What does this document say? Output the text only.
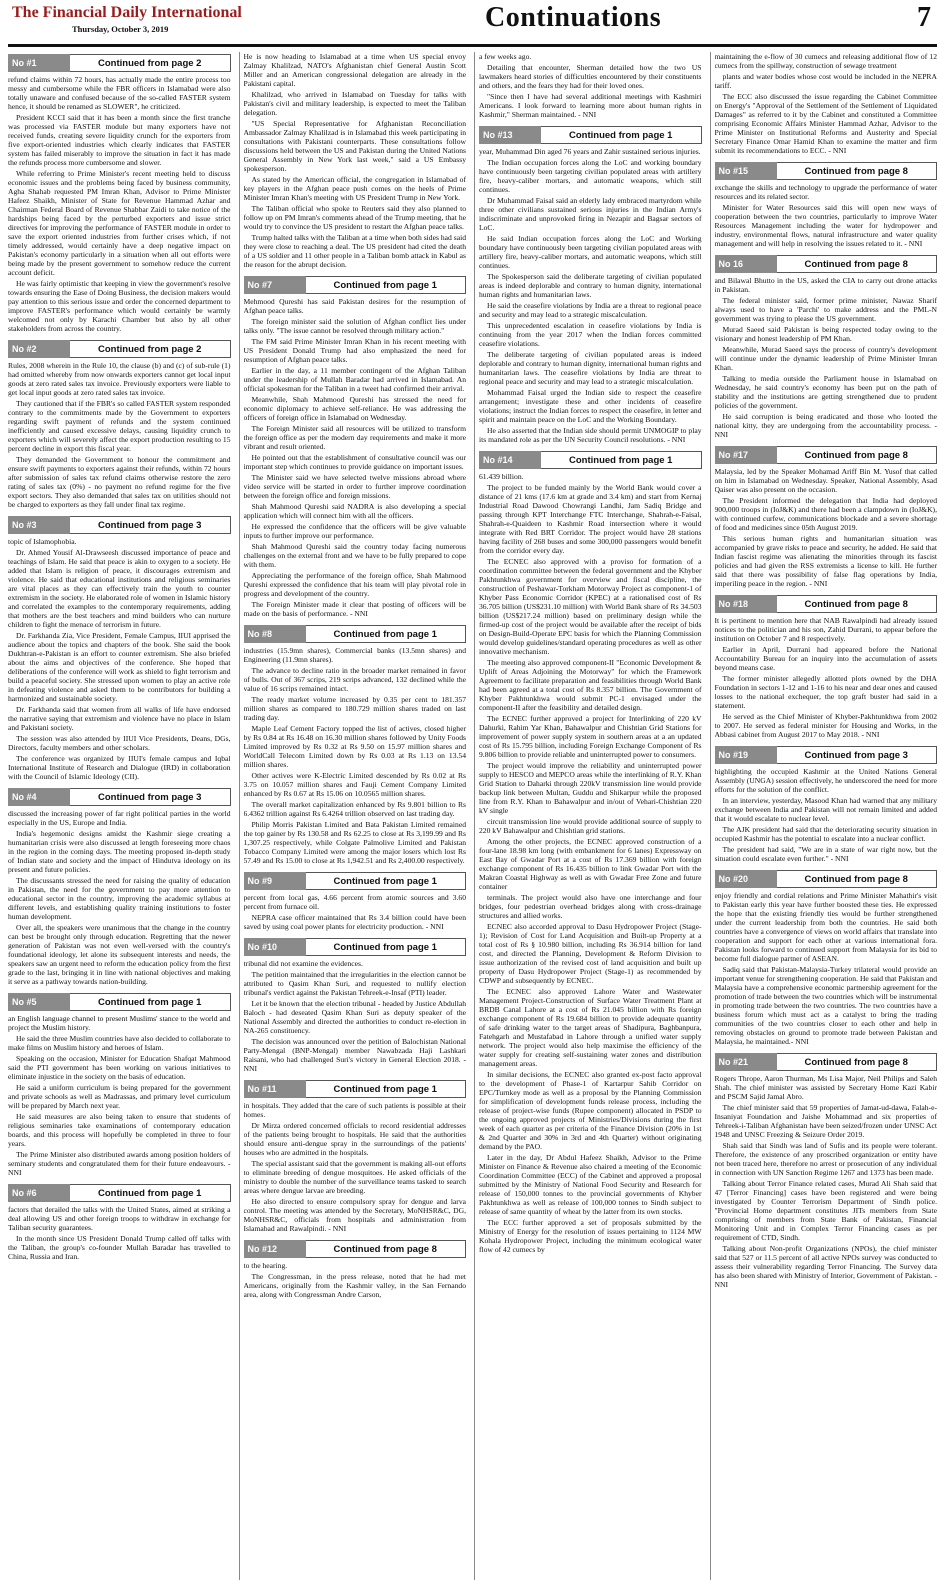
The Financial Daily International
Thursday, October 3, 2019	Continuations	7
No #1	Continued from page 2

refund claims within 72 hours, has actually made the entire process too messy and cumbersome while the FBR officers in Islamabad were also totally unaware and confused because of the so-called FASTER system hence, it should be renamed as SLOWER", he criticized.

President KCCI said that it has been a month since the first tranche was processed via FASTER module but many exporters have not received funds, creating severe liquidity crunch for the exporters from five export-oriented industries which clearly indicates that FASTER system has failed miserably to improve the situation in fact it has made the refunds process more cumbersome and slower.

While referring to Prime Minister's recent meeting held to discuss economic issues and the problems being faced by business community, Agha Shahab requested PM Imran Khan, Advisor to Prime Minister Hafeez Shaikh, Minister of State for Revenue Hammad Azhar and Chairman Federal Board of Revenue Shabbar Zaidi to take notice of the hardships being faced by the perturbed exporters and issue strict directives for improving the performance of FASTER module in order to save the export oriented industries from further crises which, if not timely addressed, would certainly have a deep negative impact on Pakistan's economy particularly in a situation when all out efforts were being made by the present government to somehow reduce the current account deficit.

He was fairly optimistic that keeping in view the government's resolve towards ensuring the Ease of Doing Business, the decision makers would pay attention to this serious issue and order the concerned department to improve FASTER's performance which would certainly be warmly welcomed not only by Karachi Chamber but also by all other stakeholders from across the country.

No #2	Continued from page 2

Rules, 2008 wherein in the Rule 10, the clause (b) and (c) of sub-rule (1) had omitted whereby from now onwards exporters cannot get local input goods at zero rated sales tax invoice. Previously exporters were liable to get local input goods at zero rated sales tax invoice.

They cautioned that if the FBR's so called FASTER system responded contrary to the commitments made by the Government to exporters regarding swift payment of refunds and the system continued inefficiently and caused excessive delays, causing liquidity crunch to exporters which will severely affect the export production resulting to 15 percent decline in export this fiscal year.

They demanded the Government to honour the commitment and ensure swift payments to exporters against their refunds, within 72 hours after submission of sales tax refund claims otherwise restore the zero rating of sales tax (0%) - no payment no refund regime for the five export sectors. They also demanded that sales tax on utilities should not be charged to exporters as they fall under final tax regime.

No #3	Continued from page 3

topic of Islamophobia.

Dr. Ahmed Yousif Al-Drawseesh discussed importance of peace and teachings of Islam. He said that peace is akin to oxygen to a society. He added that Islam is religion of peace, it discourages extremism and violence. He said that educational institutions and religious seminaries are vital places as they can effectively train the youth to counter extremism in the society. He elaborated role of women in Islamic history and correlated the examples to the contemporary requirements, adding that mothers are the best teachers and mind builders who can nurture children to fight the menace of terrorism in future.

Dr. Farkhanda Zia, Vice President, Female Campus, IIUI apprised the audience about the topics and chapters of the book. She said the book Dukhtran-e-Pakistan is an effort to counter extremism. She also briefed about the aims and objectives of the conference. She hoped that deliberations of the conference will work as shield to fight terrorism and build a peaceful society. She stressed upon women to play an active role in defeating violence and asked them to be contributors for building a harmonized and sustainable society.

Dr. Farkhanda said that women from all walks of life have endorsed the narrative saying that extremism and violence have no place in Islam and Pakistani society.

The session was also attended by IIUI Vice Presidents, Deans, DGs, Directors, faculty members and other scholars.

The conference was organized by IIUI's female campus and Iqbal International Institute of Research and Dialogue (IRD) in collaboration with the Council of Islamic Ideology (CII).

No #4	Continued from page 3

discussed the increasing power of far right political parties in the world especially in the US, Europe and India.

India's hegemonic designs amidst the Kashmir siege creating a humanitarian crisis were also discussed at length foreseeing more chaos in the region in the coming days. The meeting proposed in-depth study of Indian state and society and the impact of Hindutva ideology on its present and future policies.

The discussants stressed the need for raising the quality of education in Pakistan, the need for the government to pay more attention to educational sector in the country, improving the academic syllabus at different levels, and establishing quality training institutions to foster human development.

Over all, the speakers were unanimous that the change in the country can best be brought only through education. Regretting that the newer generation of Pakistan was not even well-versed with the country's foundational ideology, let alone its subsequent interests and needs, the speakers saw an urgent need to reform the education policy from the first grade to the last, bringing it in line with national objectives and making it serve as a pathway towards nation-building.

No #5	Continued from page 1

an English language channel to present Muslims' stance to the world and project the Muslim history.

He said the three Muslim countries have also decided to collaborate to make films on Muslim history and heroes of Islam.

Speaking on the occasion, Minister for Education Shafqat Mahmood said the PTI government has been working on various initiatives to eliminate injustice in the society on the basis of education.

He said a uniform curriculum is being prepared for the government and private schools as well as Madrassas, and primary level curriculum will be prepared by March next year.

He said measures are also being taken to ensure that students of religious seminaries take examinations of contemporary education boards, and this process will hopefully be completed in three to four years.

The Prime Minister also distributed awards among position holders of seminary students and congratulated them for their future endeavours. - NNI

No #6	Continued from page 1

factors that derailed the talks with the United States, aimed at striking a deal allowing US and other foreign troops to withdraw in exchange for Taliban security guarantees.

In the month since US President Donald Trump called off talks with the Taliban, the group's co-founder Mullah Baradar has travelled to China, Russia and Iran.

He is now heading to Islamabad at a time when US special envoy Zalmay Khalilzad, NATO's Afghanistan chief General Austin Scott Miller and an American congressional delegation are already in the Pakistani capital.

Khalilzad, who arrived in Islamabad on Tuesday for talks with Pakistan's civil and military leadership, is expected to meet the Taliban delegation.

"US Special Representative for Afghanistan Reconciliation Ambassador Zalmay Khalilzad is in Islamabad this week participating in consultations with Pakistani counterparts. These consultations follow discussions held between the US and Pakistan during the United Nations General Assembly in New York last week," said a US Embassy spokesperson.

As stated by the American official, the congregation in Islamabad of key players in the Afghan peace push comes on the heels of Prime Minister Imran Khan's meeting with US President Trump in New York.

The Taliban official who spoke to Reuters said they also planned to follow up on PM Imran's comments ahead of the Trump meeting, that he would try to convince the US president to restart the Afghan peace talks.

Trump halted talks with the Taliban at a time when both sides had said they were close to reaching a deal. The US president had cited the death of a US soldier and 11 other people in a Taliban bomb attack in Kabul as the reason for the abrupt decision.

No #7	Continued from page 1

Mehmood Qureshi has said Pakistan desires for the resumption of Afghan peace talks.

The foreign minister said the solution of Afghan conflict lies under talks only. "The issue cannot be resolved through military action."

The FM said Prime Minister Imran Khan in his recent meeting with US President Donald Trump had also emphasized the need for resumption of Afghan peace talks.

Earlier in the day, a 11 member contingent of the Afghan Taliban under the leadership of Mullah Baradar had arrived in Islamabad. An official spokesman for the Taliban in a tweet had confirmed their arrival.

Meanwhile, Shah Mahmood Qureshi has stressed the need for economic diplomacy to achieve self-reliance. He was addressing the officers of foreign office in Islamabad on Wednesday.

The Foreign Minister said all resources will be utilized to transform the foreign office as per the modern day requirements and make it more vibrant and result oriented.

He pointed out that the establishment of consultative council was our important step which continues to provide guidance on important issues.

The Minister said we have selected twelve missions abroad where video service will be started in order to further improve coordination between the foreign office and foreign missions.

Shah Mahmood Qureshi said NADRA is also developing a special application which will connect him with all the officers.

He expressed the confidence that the officers will be give valuable inputs to further improve our performance.

Shah Mahmood Qureshi said the country today facing numerous challenges on the external front and we have to be fully prepared to cope with them.

Appreciating the performance of the foreign office, Shah Mahmood Qureshi expressed the confidence that his team will play pivotal role in progress and development of the country.

The Foreign Minister made it clear that posting of officers will be made on the basis of performance. - NNI

No #8	Continued from page 1

industries (15.9mn shares), Commercial banks (13.5mn shares) and Engineering (11.9mn shares).

The advance to decline ratio in the broader market remained in favor of bulls. Out of 367 scrips, 219 scrips advanced, 132 declined while the value of 16 scrips remained intact.

The ready market volume increased by 0.35 per cent to 181.357 million shares as compared to 180.729 million shares traded on last trading day.

Maple Leaf Cement Factory topped the list of actives, closed higher by Rs 0.84 at Rs 16.48 on 16.30 million shares followed by Unity Foods Limited improved by Rs 0.32 at Rs 9.50 on 15.97 million shares and WorldCall Telecom Limited down by Rs 0.03 at Rs 1.13 on 13.54 million shares.

Other actives were K-Electric Limited descended by Rs 0.02 at Rs 3.75 on 10.057 million shares and Fauji Cement Company Limited enhanced by Rs 0.67 at Rs 15.06 on 10.0565 million shares.

The overall market capitalization enhanced by Rs 9.801 billion to Rs 6.4362 trillion against Rs 6.4264 trillion observed on last trading day.

Philip Morris Pakistan Limited and Bata Pakistan Limited remained the top gainer by Rs 130.58 and Rs 62.25 to close at Rs 3,199.99 and Rs 1,307.25 respectively, while Colgate Palmolive Limited and Pakistan Tobacco Company Limited were among the major losers which lost Rs 57.49 and Rs 15.00 to close at Rs 1,942.51 and Rs 2,400.00 respectively.

No #9	Continued from page 1

percent from local gas, 4.66 percent from atomic sources and 3.60 percent from furnace oil.

NEPRA case officer maintained that Rs 3.4 billion could have been saved by using coal power plants for electricity production. - NNI

No #10	Continued from page 1

tribunal did not examine the evidences.

The petition maintained that the irregularities in the election cannot be attributed to Qasim Khan Suri, and requested to nullify election tribunal's verdict against the Pakistan Tehreek-e-Insaf (PTI) leader.

Let it be known that the election tribunal - headed by Justice Abdullah Baloch - had deseated Qasim Khan Suri as deputy speaker of the National Assembly and directed the authorities to conduct re-election in NA-265 constituency.

The decision was announced over the petition of Balochistan National Party-Mengal (BNP-Mengal) member Nawabzada Haji Lashkari Raisani, who had challenged Suri's victory in General Election 2018. - NNI

No #11	Continued from page 1

in hospitals. They added that the care of such patients is possible at their homes.

Dr Mirza ordered concerned officials to record residential addresses of the patients being brought to hospitals. He said that the authorities should ensure anti-dengue spray in the surroundings of the patients' houses who are admitted in the hospitals.

The special assistant said that the government is making all-out efforts to eliminate breeding of dengue mosquitoes. He asked officials of the ministry to double the number of the surveillance teams tasked to search areas where dengue larvae are breeding.

He also directed to ensure compulsory spray for dengue and larva control. The meeting was attended by the Secretary, MoNHSR&C, DG, MoNHSR&C, officials from hospitals and administration from Islamabad and Rawalpindi. - NNI

No #12	Continued from page 8

to the hearing.

The Congressman, in the press release, noted that he had met Americans, originally from the Kashmir valley, in the San Fernando area, along with Congressman Andre Carson,

a few weeks ago.

Detailing that encounter, Sherman detailed how the two US lawmakers heard stories of difficulties encountered by their constituents and others, and the fears they had for their loved ones.

"Since then I have had several additional meetings with Kashmiri Americans. I look forward to learning more about human rights in Kashmir," Sherman maintained. - NNI

No #13	Continued from page 1

year, Muhammad Din aged 76 years and Zahir sustained serious injuries.

The Indian occupation forces along the LoC and working boundary have continuously been targeting civilian populated areas with artillery fire, heavy-caliber mortars, and automatic weapons, which still continues.

Dr Muhammad Faisal said an elderly lady embraced martyrdom while three other civilians sustained serious injuries in the Indian Army's indiscriminate and unprovoked firing in Nezapir and Bagsar sectors of LoC.

He said Indian occupation forces along the LoC and Working boundary have continuously been targeting civilian populated areas with artillery fire, heavy-caliber mortars, and automatic weapons, which still continues.

The Spokesperson said the deliberate targeting of civilian populated areas is indeed deplorable and contrary to human dignity, international human rights and humanitarian laws.

He said the ceasefire violations by India are a threat to regional peace and security and may lead to a strategic miscalculation.

This unprecedented escalation in ceasefire violations by India is continuing from the year 2017 when the Indian forces committed ceasefire violations.

The deliberate targeting of civilian populated areas is indeed deplorable and contrary to human dignity, international human rights and humanitarian laws. The ceasefire violations by India are threat to regional peace and security and may lead to a strategic miscalculation.

Mohammad Faisal urged the Indian side to respect the ceasefire arrangement; investigate these and other incidents of ceasefire violations; instruct the Indian forces to respect the ceasefire, in letter and spirit and maintain peace on the LoC and the Working Boundary.

He also asserted that the Indian side should permit UNMOGIP to play its mandated role as per the UN Security Council resolutions. - NNI

No #14	Continued from page 1

61.439 billion.

The project to be funded mainly by the World Bank would cover a distance of 21 kms (17.6 km at grade and 3.4 km) and start from Kernaj Industrial Road Dawood Chowrangi Landhi, Jam Sadiq Bridge and passing through KPT Interchange FTC Interchange, Shahrah-e-Faisal, Shahrah-e-Quaideen to Kashmir Road intersection where it would integrate with Red BRT Corridor. The project would have 28 stations having facility of 268 buses and some 300,000 passengers would benefit from the corridor every day.

The ECNEC also approved with a proviso for formation of a coordination committee between the federal government and the Khyber Pakhtunkhwa government for overview and fiscal discipline, the construction of Peshawar-Torkham Motorway Project as component-1 of Khyber Pass Economic Corridor (KPEC) at a rationalised cost of Rs 36.705 billion (US$231.10 million) with World Bank share of Rs 34.503 billion (US$217.24 million) based on preliminary design while the firmed-up cost of the project would be available after the receipt of bids on Design-Build-Operate EPC basis for which the Planning Commission would develop guidelines/standard operating procedures as well as other innovative mechanism.

The meeting also approved component-II "Economic Development & Uplift of Areas Adjoining the Motorway" for which the Framework Agreement to facilitate preparation and feasibilities through World Bank had been agreed at a total cost of Rs 8.357 billion. The Government of Khyber Pakhtunkhwa would submit PC-1 envisaged under the component-II after the feasibility and detailed design.

The ECNEC further approved a project for Interlinking of 220 kV Dahurki, Rahim Yar Khan, Bahawalpur and Chishtian Grid Stations for improvement of power supply system in southern areas at a an updated cost of Rs 15.795 billion, including Foreign Exchange Component of Rs 9.806 billion to provide reliable and uninterrupted power to consumers.

The project would improve the reliability and uninterrupted power supply to HESCO and MEPCO areas while the interlinking of R.Y. Khan Grid Station to Daharki through 220kV transmission line would provide backup link between Multan, Guddu and Shikarpur while the proposed line from R.Y. Khan to Bahawalpur and in/out of Vehari-Chishtian 220 kV single

circuit transmission line would provide additional source of supply to 220 kV Bahawalpur and Chishtian grid stations.

Among the other projects, the ECNEC approved construction of a four-lane 18.98 km long (with embankment for 6 lanes) Expressway on East Bay of Gwadar Port at a cost of Rs 17.369 billion with foreign exchange component of Rs 16.435 billion to link Gwadar Port with the Makran Coastal Highway as well as with Gwadar Free Zone and future container

terminals. The project would also have one interchange and four bridges, four pedestrian overhead bridges along with cross-drainage structures and allied works.

ECNEC also accorded approval to Dasu Hydropower Project (Stage-1); Revision of Cost for Land Acquisition and Built-up Property at a total cost of Rs § 10.980 billion, including Rs 36.914 billion for land cost, and directed the Planning, Development & Reform Division to issue authorization of the revised cost of land acquisition and built up property of Dasu Hydropower Project (Stage-1) as recommended by CDWP and subsequently by ECNEC.

The ECNEC also approved Lahore Water and Wastewater Management Project-Construction of Surface Water Treatment Plant at BRDB Canal Lahore at a cost of Rs 21.045 billion with Rs foreign exchange component of Rs 19.684 billion to provide adequate quantity of safe drinking water to the target areas of Shadipura, Baghbanpura, Fatehgarh and Mustafabad in Lahore through a unified water supply network. The project would also help maximise the efficiency of the water supply for creating self-sustaining water zones and distribution management areas.

In similar decisions, the ECNEC also granted ex-post facto approval to the development of Phase-1 of Kartarpur Sahib Corridor on EPC/Turnkey mode as well as a proposal by the Planning Commission for simplification of development funds release process, including the release of project-wise funds (Rupee component) allocated in PSDP to the ongoing approved projects of Ministries/Divisions during the first week of each quarter as per criteria of the Finance Division (20% in 1st & 2nd Quarter and 30% in 3rd and 4th Quarter) without originating demand by the PAO.

Later in the day, Dr Abdul Hafeez Shaikh, Advisor to the Prime Minister on Finance & Revenue also chaired a meeting of the Economic Coordination Committee (ECC) of the Cabinet and approved a proposal submitted by the Ministry of National Food Security and Research for release of 150,000 tonnes to the provincial governments of Khyber Pakhtunkhwa as well as release of 100,000 tonnes to Sindh subject to release of same quantity of wheat by the latter from its own stocks.

The ECC further approved a set of proposals submitted by the Ministry of Energy for the resolution of issues pertaining to 1124 MW Kohala Hydropower Project, including the minimum ecological water flow of 42 cumecs by

maintaining the e-flow of 30 cumecs and releasing additional flow of 12 cumecs from the spillway, construction of sewage treatment

plants and water bodies whose cost would be included in the NEPRA tariff.

The ECC also discussed the issue regarding the Cabinet Committee on Energy's "Approval of the Settlement of the Settlement of Liquidated Damages" as referred to it by the Cabinet and constituted a Committee comprising Economic Affairs Minister Hammad Azhar, Advisor to the Prime Minister on Institutional Reforms and Austerity and Special Secretary Finance Omar Hamid Khan to examine the matter and firm submit its recommendations to ECC. - NNI

No #15	Continued from page 8

exchange the skills and technology to upgrade the performance of water resources and its related sector.

Minister for Water Resources said this will open new ways of cooperation between the two countries, particularly to improve Water Resources Management including the water for hydropower and industry, environmental flows, natural infrastructure and water quality management and will help in resolving the issues related to it. - NNI

No 16	Continued from page 8

and Bilawal Bhutto in the US, asked the CIA to carry out drone attacks in Pakistan.

The federal minister said, former prime minister, Nawaz Sharif always used to have a 'Parchi' to make address and the PML-N government was trying to please the US government.

Murad Saeed said Pakistan is being respected today owing to the visionary and honest leadership of PM Khan.

Meanwhile, Murad Saeed says the process of country's development will continue under the dynamic leadership of Prime Minister Imran Khan.

Talking to media outside the Parliament house in Islamabad on Wednesday, he said country's economy has been put on the path of stability and the institutions are getting strengthened due to prudent policies of the government.

He said corruption is being eradicated and those who looted the national kitty, they are undergoing from the accountability process. - NNI

No #17	Continued from page 8

Malaysia, led by the Speaker Mohamad Ariff Bin M. Yusof that called on him in Islamabad on Wednesday. Speaker, National Assembly, Asad Qaiser was also present on the occasion.

The President informed the delegation that India had deployed 900,000 troops in (IoJ&K) and there had been a clampdown in (IoJ&K), with continued curfew, communications blockade and a severe shortage of food and medicines since 05th August 2019.

This serious human rights and humanitarian situation was accompanied by grave risks to peace and security, he added. He said that Indian fascist regime was alienating the minorities through its fascist policies and had given the RSS extremists a license to kill. He further said that there was possibility of false flag operations by India, imperiling peace in the region. - NNI

No #18	Continued from page 8

It is pertinent to mention here that NAB Rawalpindi had already issued notices to the politician and his son, Zahid Durrani, to appear before the institution on October 7 and 8 respectively.

Earlier in April, Durrani had appeared before the National Accountability Bureau for an inquiry into the accumulation of assets beyond means case.

The former minister allegedly allotted plots owned by the DHA Foundation in sectors 1-12 and 1-16 to his near and dear ones and caused losses to the national exchequer, the top graft buster had said in a statement.

He served as the Chief Minister of Khyber-Pakhtunkhwa from 2002 to 2007. He served as federal minister for Housing and Works, in the Abbasi cabinet from August 2017 to May 2018. - NNI

No #19	Continued from page 3

highlighting the occupied Kashmir at the United Nations General Assembly (UNGA) session effectively, he underscored the need for more efforts for the solution of the conflict.

In an interview, yesterday, Masood Khan had warned that any military exchange between India and Pakistan will not remain limited and added that it would escalate to nuclear level.

The AJK president had said that the deteriorating security situation in occupied Kashmir has the potential to escalate into a nuclear conflict.

The president had said, "We are in a state of war right now, but the situation could escalate even further." - NNI

No #20	Continued from page 8

enjoy friendly and cordial relations and Prime Minister Mahathir's visit to Pakistan early this year have further boosted these ties. He expressed the hope that the existing friendly ties would be further strengthened under the current leadership from both the countries. He said both countries have a convergence of views on world affairs that translate into cooperation and support for each other at various international fora. Pakistan looks forward to continued support from Malaysia for its bid to become full dialogue partner of ASEAN.

Sadiq said that Pakistan-Malaysia-Turkey trilateral would provide an important venue for strengthening cooperation. He said that Pakistan and Malaysia have a comprehensive economic partnership agreement for the promotion of trade between the two countries which will be instrumental in promoting trade between the two countries. The two countries have a business forum which must act as a catalyst to bring the trading communities of the two countries closer to each other and help in removing obstacles on ground to promote trade between Pakistan and Malaysia, he maintained.- NNI

No #21	Continued from page 8

Rogers Thrope, Aaron Thurman, Ms Lisa Major, Neil Philips and Saleh Shah. The chief minister was assisted by Secretary Home Kazi Kabir and PSCM Sajid Jamal Abro.

The chief minister said that 59 properties of Jamat-ud-dawa, Falah-e-Insaniyat Foundation and Jaishe Mohammad and six properties of Tehreek-i-Taliban Afghanistan have been seized/frozen under UNSC Act 1948 and UNSC Freezing & Seizure Order 2019.

Shah said that Sindh was land of Sufis and its people were tolerant. Therefore, the existence of any proscribed organization or entity have not been traced here, therefore no arrest or prosecution of any individual in connection with UN Sanction Regime 1267 and 1373 has been made.

Talking about Terror Finance related cases, Murad Ali Shah said that 47 [Terror Financing] cases have been registered and were being investigated by Counter Terrorism Department of Sindh police. "Provincial Home department constitutes JITs members from State comprising of members from State Bank of Pakistan, Financial Monitoring Unit and in Complex Terror Financing cases as per requirement of CTD, Sindh.

Talking about Non-profit Organizations (NPOs), the chief minister said that 527 or 11.5 percent of all active NPOs survey was conducted to assess their vulnerability regarding Terror Financing. The Survey data has also been shared with Ministry of Interior, Government of Pakistan. - NNI
